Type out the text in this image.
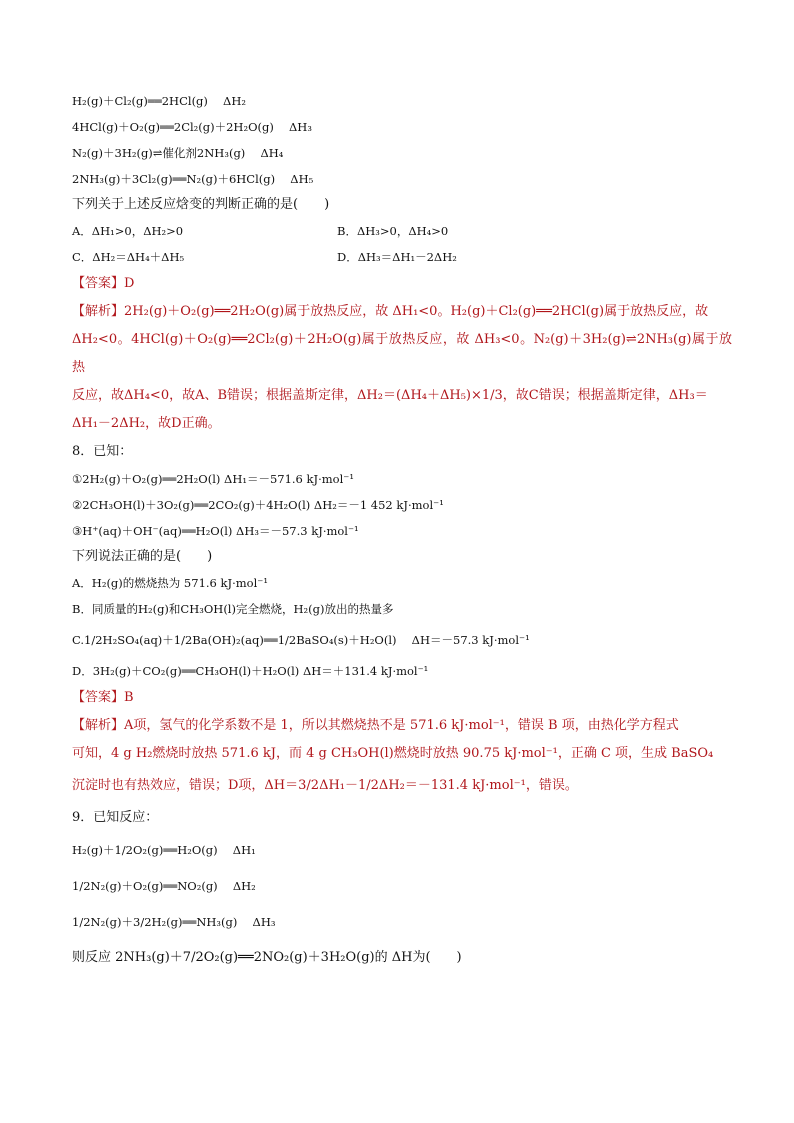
H₂(g)＋Cl₂(g)══2HCl(g)　 ΔH₂
4HCl(g)＋O₂(g)══2Cl₂(g)＋2H₂O(g)　 ΔH₃
N₂(g)＋3H₂(g)⇌催化剂2NH₃(g)　 ΔH₄
2NH₃(g)＋3Cl₂(g)══N₂(g)＋6HCl(g)　 ΔH₅
下列关于上述反应焓变的判断正确的是(　　)
A．ΔH₁>0，ΔH₂>0	B．ΔH₃>0，ΔH₄>0
C．ΔH₂＝ΔH₄＋ΔH₅	D．ΔH₃＝ΔH₁－2ΔH₂
【答案】D
【解析】2H₂(g)＋O₂(g)══2H₂O(g)属于放热反应，故 ΔH₁<0。H₂(g)＋Cl₂(g)══2HCl(g)属于放热反应，故
ΔH₂<0。4HCl(g)＋O₂(g)══2Cl₂(g)＋2H₂O(g)属于放热反应，故 ΔH₃<0。N₂(g)＋3H₂(g)⇌2NH₃(g)属于放热
反应，故ΔH₄<0，故A、B错误；根据盖斯定律，ΔH₂＝(ΔH₄＋ΔH₅)×1/3，故C错误；根据盖斯定律，ΔH₃＝
ΔH₁－2ΔH₂，故D正确。
8．已知：
①2H₂(g)＋O₂(g)══2H₂O(l) ΔH₁＝－571.6 kJ·mol⁻¹
②2CH₃OH(l)＋3O₂(g)══2CO₂(g)＋4H₂O(l) ΔH₂＝－1 452 kJ·mol⁻¹
③H⁺(aq)＋OH⁻(aq)══H₂O(l) ΔH₃＝－57.3 kJ·mol⁻¹
下列说法正确的是(　　)
A．H₂(g)的燃烧热为 571.6 kJ·mol⁻¹
B．同质量的H₂(g)和CH₃OH(l)完全燃烧，H₂(g)放出的热量多
C.1/2H₂SO₄(aq)＋1/2Ba(OH)₂(aq)══1/2BaSO₄(s)＋H₂O(l)　 ΔH＝－57.3 kJ·mol⁻¹
D．3H₂(g)＋CO₂(g)══CH₃OH(l)＋H₂O(l) ΔH＝＋131.4 kJ·mol⁻¹
【答案】B
【解析】A项，氢气的化学系数不是 1，所以其燃烧热不是 571.6 kJ·mol⁻¹，错误 B 项，由热化学方程式
可知，4 g H₂燃烧时放热 571.6 kJ，而 4 g CH₃OH(l)燃烧时放热 90.75 kJ·mol⁻¹，正确 C 项，生成 BaSO₄
沉淀时也有热效应，错误；D项，ΔH＝3/2ΔH₁－1/2ΔH₂＝－131.4 kJ·mol⁻¹，错误。
9．已知反应：
H₂(g)＋1/2O₂(g)══H₂O(g)　 ΔH₁
1/2N₂(g)＋O₂(g)══NO₂(g)　 ΔH₂
1/2N₂(g)＋3/2H₂(g)══NH₃(g)　 ΔH₃
则反应 2NH₃(g)＋7/2O₂(g)══2NO₂(g)＋3H₂O(g)的 ΔH为(　　)
